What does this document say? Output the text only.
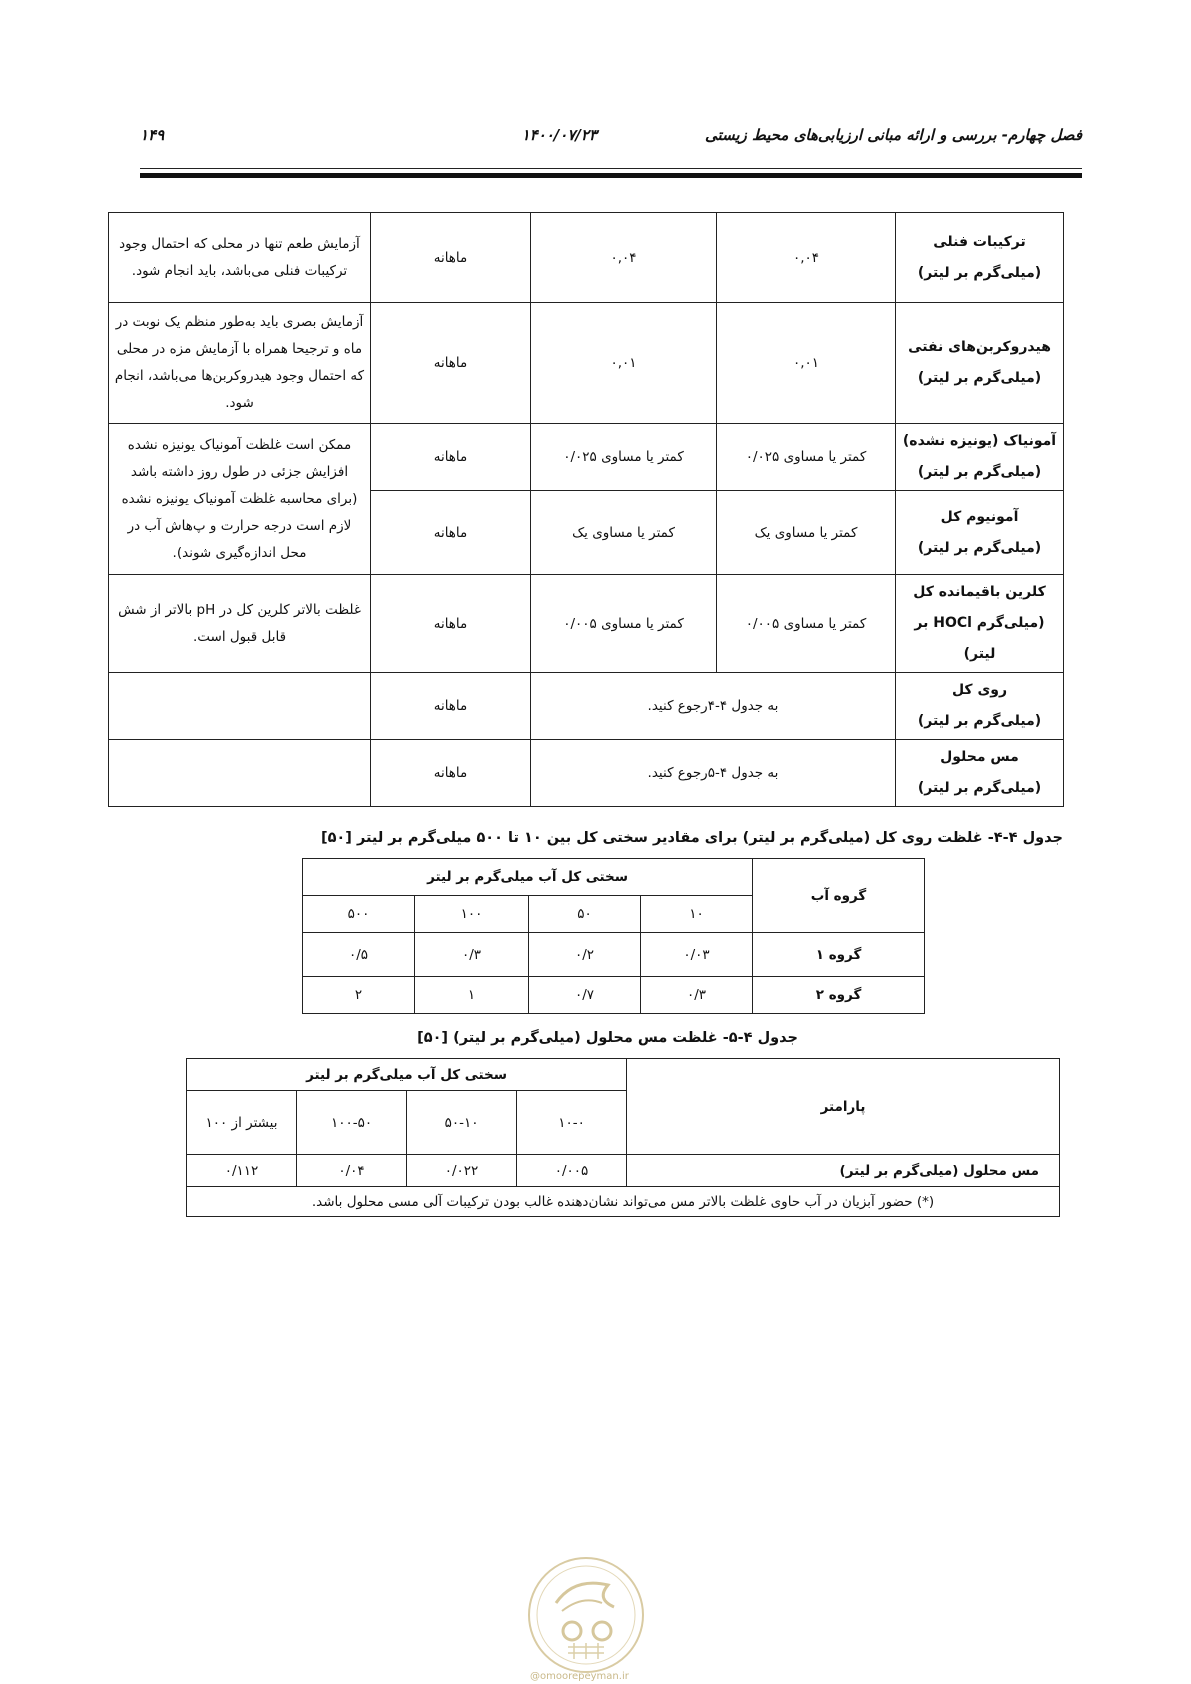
فصل چهارم- بررسی و ارائه مبانی ارزیابی‌های محیط زیستی
۱۴۰۰/۰۷/۲۳
۱۴۹
ترکیبات فنلی
(میلی‌گرم بر لیتر)	۰,۰۴	۰,۰۴	ماهانه	آزمایش طعم تنها در محلی که احتمال وجود ترکیبات فنلی می‌باشد، باید انجام شود.
هیدروکربن‌های نفتی
(میلی‌گرم بر لیتر)	۰,۰۱	۰,۰۱	ماهانه	آزمایش بصری باید به‌طور منظم یک نوبت در ماه و ترجیحا همراه با آزمایش مزه در محلی که احتمال وجود هیدروکربن‌ها می‌باشد، انجام شود.
آمونیاک (یونیزه نشده)
(میلی‌گرم بر لیتر)	کمتر یا مساوی ۰/۰۲۵	کمتر یا مساوی ۰/۰۲۵	ماهانه	ممکن است غلظت آمونیاک یونیزه نشده افزایش جزئی در طول روز داشته باشد (برای محاسبه غلظت آمونیاک یونیزه نشده لازم است درجه حرارت و پ‌هاش آب در محل اندازه‌گیری شوند).
آمونیوم کل
(میلی‌گرم بر لیتر)	کمتر یا مساوی یک	کمتر یا مساوی یک	ماهانه	
کلرین باقیمانده کل (میلی‌گرم HOCl بر لیتر)	کمتر یا مساوی ۰/۰۰۵	کمتر یا مساوی ۰/۰۰۵	ماهانه	غلظت بالاتر کلرین کل در pH بالاتر از شش قابل قبول است.
روی کل
(میلی‌گرم بر لیتر)	به جدول ۴-۴رجوع کنید.		ماهانه	
مس محلول
(میلی‌گرم بر لیتر)	به جدول ۴-۵رجوع کنید.		ماهانه	
جدول ۴-۴- غلظت روی کل (میلی‌گرم بر لیتر) برای مقادیر سختی کل بین ۱۰ تا ۵۰۰ میلی‌گرم بر لیتر [۵۰]
گروه آب	سختی کل آب میلی‌گرم بر لیتر			
	۱۰	۵۰	۱۰۰	۵۰۰
گروه ۱	۰/۰۳	۰/۲	۰/۳	۰/۵
گروه ۲	۰/۳	۰/۷	۱	۲
جدول ۴-۵- غلظت مس محلول (میلی‌گرم بر لیتر) [۵۰]
پارامتر	سختی کل آب میلی‌گرم بر لیتر			
	۱۰-۰	۵۰-۱۰	۱۰۰-۵۰	بیشتر از ۱۰۰
مس محلول (میلی‌گرم بر لیتر)	۰/۰۰۵	۰/۰۲۲	۰/۰۴	۰/۱۱۲
(*) حضور آبزیان در آب حاوی غلظت بالاتر مس می‌تواند نشان‌دهنده غالب بودن ترکیبات آلی مسی محلول باشد.				
@omoorepeyman.ir
